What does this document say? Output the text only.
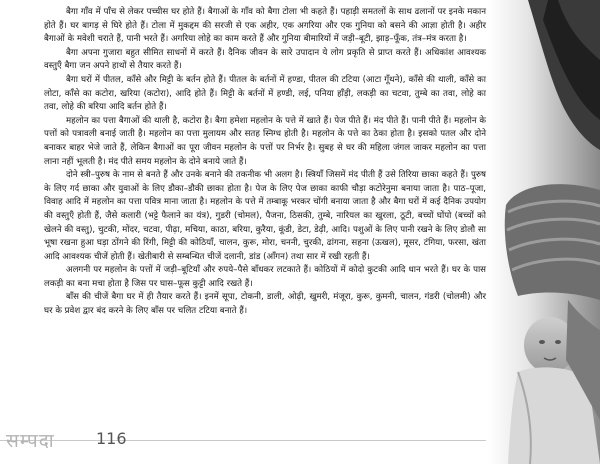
बैगा गाँव में पाँच से लेकर पच्चीस घर होते हैं। बैगाओं के गाँव को बैगा टोला भी कहते हैं। पहाड़ी समतलों के साथ ढलानों पर इनके मकान होते हैं। घर बागड़ से घिरे होते हैं। टोला में मुकद्दम की सरजी से एक अहीर, एक अगरिया और एक गुनिया को बसने की आज्ञा होती है। अहीर बैगाओं के मवेशी चराते हैं, पानी भरते हैं। अगरिया लोहे का काम करते हैं और गुनिया बीमारियों में जड़ी–बूटी, झाड़–फूँक, तंत्र–मंत्र करता है।

बैगा अपना गुजारा बहुत सीमित साधनों में करते हैं। दैनिक जीवन के सारे उपादान ये लोग प्रकृति से प्राप्त करते हैं। अधिकांश आवश्यक वस्तुएँ बैगा जन अपने हाथों से तैयार करते हैं।

बैगा घरों में पीतल, काँसे और मिट्टी के बर्तन होते हैं। पीतल के बर्तनों में हण्डा, पीतल की टटिया (आटा गूँथने), काँसे की थाली, काँसे का लोटा, काँसे का कटोरा, खरिया (कटोरा), आदि होते हैं। मिट्टी के बर्तनों में हण्डी, लई, पनिया हाँड़ी, लकड़ी का चटवा, तुम्बे का तवा, लोहे का तवा, लोहे की बरिया आदि बर्तन होते हैं।

महलोन का पत्ता बैगाओं की थाली है, कटोरा है। बैगा हमेशा महलोन के पत्ते में खाते हैं। पेज पीते हैं। मंद पीते हैं। पानी पीते हैं। महलोन के पत्तों को पत्रावली बनाई जाती है। महलोन का पत्ता मुलायम और सतह स्निग्ध होती है। महलोन के पत्ते का ठेका होता है। इसको पतल और दोने बनाकर बाहर भेजे जाते हैं, लेकिन बैगाओं का पूरा जीवन महलोन के पत्तों पर निर्भर है। सुबह से घर की महिला जंगल जाकर महलोन का पत्ता लाना नहीं भूलती है। मंद पीते समय महलोन के दोने बनाये जाते हैं।

दोने स्त्री–पुरुष के नाम से बनते हैं और उनके बनाने की तकनीक भी अलग है। स्त्रियाँ जिसमें मंद पीती हैं उसे तिरिया छाका कहते हैं। पुरुष के लिए गर्द छाका और युवाओं के लिए डौका–डौकी छाका होता है। पेज के लिए पेज छाका काफी चौड़ा कटोरेनुमा बनाया जाता है। पाठ–पूजा, विवाह आदि में महलोन का पत्ता पवित्र माना जाता है। महलोन के पत्ते में तम्बाकू भरकर चोंगी बनाया जाता है और बैगा घरों में कई दैनिक उपयोग की वस्तुएँ होती हैं, जैसे कलारी (भट्टे फैलाने का यंत्र), गुडरी (चोमल), पैजना, ठिसकी, तुम्बे, नारियल का खुरला, ठूटी, बच्चों घोंपो (बच्चों को खेलने की वस्तु), चुटकी, मोंदर, चटवा, पीढ़ा, मचिया, काठा, बरिया, कुरैया, कूंडी, डेटा, डेढ़ी, आदि। पशुओं के लिए पानी रखने के लिए डोलौ सा भूषा रखना हुआ घड़ा ठोंगने की रिंगी, मिट्टी की कोठियाँ, चालन, कुरू, मोरा, चननी, चुरकी, ढांगना, सहना (ऊखल), मूसर, टंगिया, फरसा, खंता आदि आवश्यक चीजें होती हैं। खेतीबारी से सम्बन्धित चीजें दलानी, डांड (आँगन) तथा सार में रखी रहती हैं।

अलगनी पर महलोन के पत्तों में जड़ी–बूटियाँ और रुपये–पैसे बाँधकर लटकाते हैं। कोठियों में कोदो कुटकी आदि धान भरते हैं। घर के पास लकड़ी का बना मचा होता है जिस पर घास–फूस कुट्टी आदि रखते हैं।

बाँस की चीजें बैगा घर में ही तैयार करते हैं। इनमें सूपा, टोकनी, डाली, ओढ़ी, खुमरी, मंजूरा, कुरू, कुमनी, चालन, गंडरी (चोलमी) और घर के प्रवेश द्वार बंद करने के लिए बाँस पर चलित टटिया बनाते हैं।

सम्पदा	116
